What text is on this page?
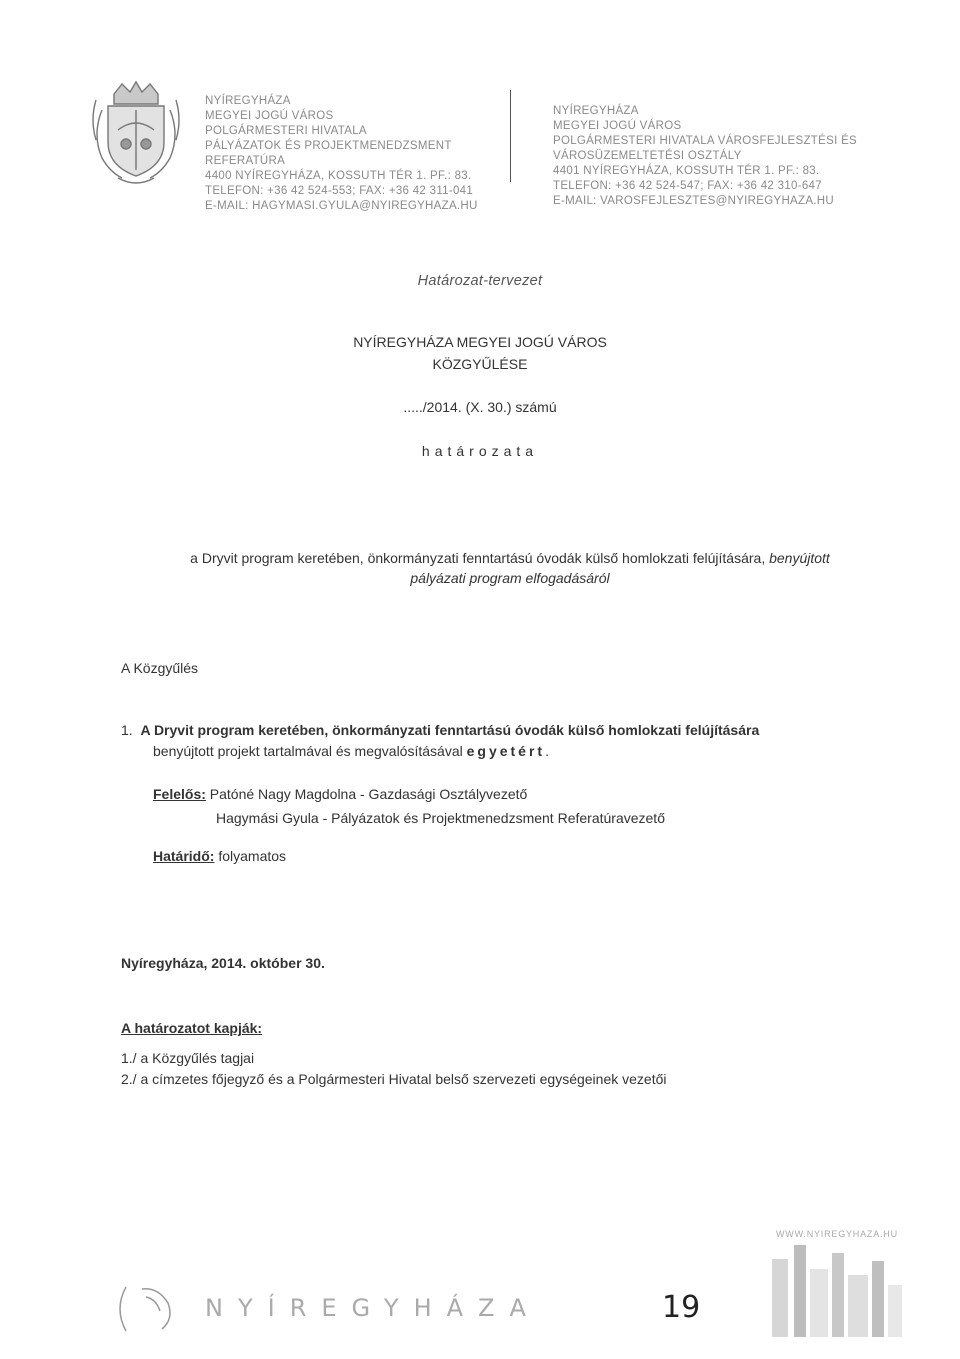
NYÍREGYHÁZA
MEGYEI JOGÚ VÁROS
POLGÁRMESTERI HIVATALA
PÁLYÁZATOK ÉS PROJEKTMENEDZSMENT
REFERATÚRA
4400 NYÍREGYHÁZA, KOSSUTH TÉR 1. PF.: 83.
TELEFON: +36 42 524-553; FAX: +36 42 311-041
E-MAIL: HAGYMASI.GYULA@NYIREGYHAZA.HU
NYÍREGYHÁZA
MEGYEI JOGÚ VÁROS
POLGÁRMESTERI HIVATALA VÁROSFEJLESZTÉSI ÉS
VÁROSÜZEMELTETÉSI OSZTÁLY
4401 NYÍREGYHÁZA, KOSSUTH TÉR 1. PF.: 83.
TELEFON: +36 42 524-547; FAX: +36 42 310-647
E-MAIL: VAROSFEJLESZTES@NYIREGYHAZA.HU
Határozat-tervezet
NYÍREGYHÁZA MEGYEI JOGÚ VÁROS
KÖZGYŰLÉSE
...../2014. (X. 30.) számú
határozata
a Dryvit program keretében, önkormányzati fenntartású óvodák külső homlokzati felújítására, benyújtott
pályázati program elfogadásáról
A Közgyűlés
1. A Dryvit program keretében, önkormányzati fenntartású óvodák külső homlokzati felújítására
benyújtott projekt tartalmával és megvalósításával egyetért.
Felelős: Patóné Nagy Magdolna - Gazdasági Osztályvezető
Hagymási Gyula - Pályázatok és Projektmenedzsment Referatúravezető
Határidő: folyamatos
Nyíregyháza, 2014. október 30.
A határozatot kapják:
1./ a Közgyűlés tagjai
2./ a címzetes főjegyző és a Polgármesteri Hivatal belső szervezeti egységeinek vezetői
WWW.NYIREGYHAZA.HU
NYÍREGYHÁZA	19
